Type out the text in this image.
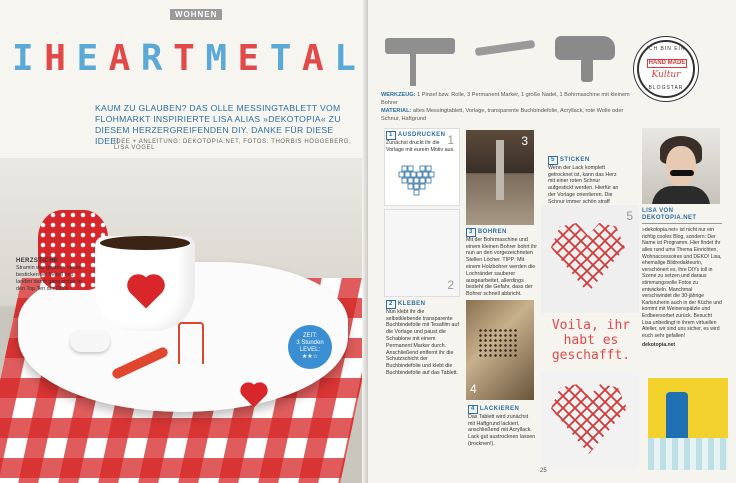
WOHNEN
I H E A R T M E T A L
KAUM ZU GLAUBEN? DAS OLLE MESSINGTABLETT VOM FLOHMARKT INSPIRIERTE LISA ALIAS »DEKOTOPIA« ZU DIESEM HERZERGREIFENDEN DIY. DANKE FÜR DIESE IDEE!
IDEE + ANLEITUNG: DEKOTOPIA.NET, FOTOS: THORBIS HÖGGEBERG, LISA VOGEL
HERZSTICHE
Stramin war gestern. Heute besticken wir Metall und landen damit ganz sicher in den Top Ten der DIYs.
ZEIT:
3 Stunden
LEVEL:
★★☆
WERKZEUG: 1 Pinsel bzw. Rolle, 3 Permanent Marker, 1 große Nadel, 1 Bohrmaschine mit kleinem Bohrer
MATERIAL: altes Messingtablett, Vorlage, transparente Buchbindefolie, Acryllack, rote Wolle oder Schnur, Haftgrund
ICH BIN EIN
HAND MADE
Kultur
BLOGSTAR
1
1 AUSDRUCKEN
Zunächst druckt ihr die Vorlage mit eurem Motiv aus.
3
2
3 BOHREN
Mit der Bohrmaschine und einem kleinen Bohrer bohrt ihr nun an den vorgezeichneten Stellen Löcher. TIPP: Mit einem Holzbohrer werden die Lochränder sauberer ausgearbeitet, allerdings besteht die Gefahr, dass der Bohrer schnell abbricht.
2 KLEBEN
Nun klebt ihr die selbstklebende transparente Buchbindefolie mit Tesafilm auf die Vorlage und paust die Schablone mit einem Permanent Marker durch. Anschließend entfernt ihr die Schutzschicht der Buchbindefolie und klebt die Buchbindefolie auf das Tablett.
4
4 LACKIEREN
Das Tablett wird zunächst mit Haftgrund lackiert, anschließend mit Acryllack. Lack gut austrocknen lassen (trocknen!).
5 STICKEN
Wenn der Lack komplett getrocknet ist, kann das Herz mit einer roten Schnur aufgestickt werden. Hierfür an der Vorlage orientieren. Die Schnur immer schön straff
5
Voila, ihr habt es geschafft.
LISA VON DEKOTOPIA.NET
»dekotopia.net« ist nicht nur ein richtig cooles Blog, sondern: Der Name ist Programm. Hier findet ihr alles rund ums Thema Einrichten, Wohnaccessoires und DEKO! Lisa, ehemalige Bildredakteurin, verschönert es, ihre DIYs toll in Szene zu setzen und daraus stimmungsvolle Fotos zu entwickeln. Manchmal verschwindet die 30-jährige Karlsruherin auch in der Küche und kommt mit Weinenspätzle und Erdbeersorbet zurück. Besucht Lisa unbedingt in ihrem virtuellen Atelier, wir sind uns sicher, es wird euch sehr gefallen!
dekotopia.net
25
